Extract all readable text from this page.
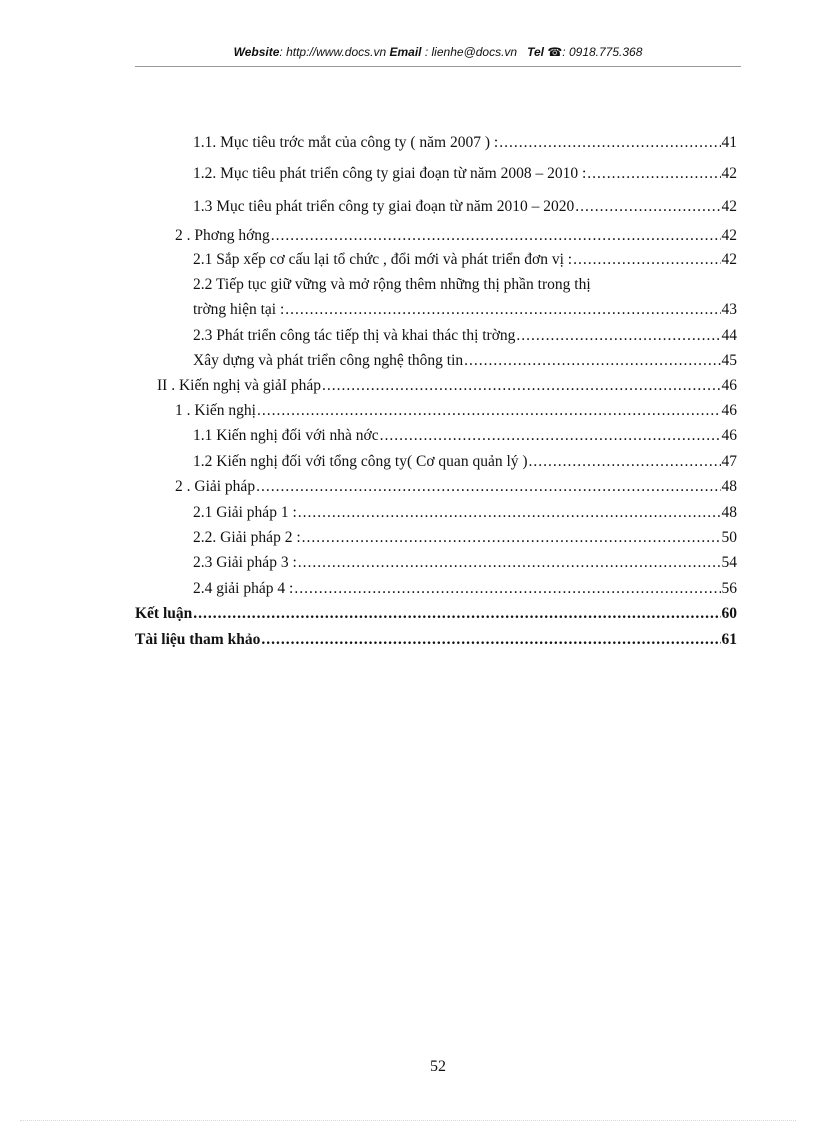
Website: http://www.docs.vn Email : lienhe@docs.vn Tel ☎: 0918.775.368
1.1. Mục tiêu trớc mắt của công ty ( năm 2007 ) : .....	41
1.2. Mục tiêu phát triển công ty giai đoạn từ năm 2008 – 2010 : .....	42
1.3 Mục tiêu phát triển công ty giai đoạn từ năm 2010 – 2020 .....	42
2 . Phơng hớng .....	42
2.1 Sắp xếp cơ cấu lại tổ chức , đổi mới và phát triển đơn vị : .....	42
2.2 Tiếp tục giữ vững và mở rộng thêm những thị phần trong thị
trờng hiện tại : .....	43
2.3 Phát triển công tác tiếp thị và khai thác thị trờng .....	44
Xây dựng và phát triển công nghệ thông tin .....	45
II . Kiến nghị và giảI pháp .....	46
1 . Kiến nghị .....	46
1.1 Kiến nghị đối với nhà nớc .....	46
1.2 Kiến nghị đối với tổng công ty( Cơ quan quản lý ) .....	47
2 . Giải pháp .....	48
2.1 Giải pháp 1 : .....	48
2.2. Giải pháp 2 : .....	50
2.3 Giải pháp 3 : .....	54
2.4 giải pháp 4 : .....	56
Kết luận .....	60
Tài liệu tham khảo .....	61
52
